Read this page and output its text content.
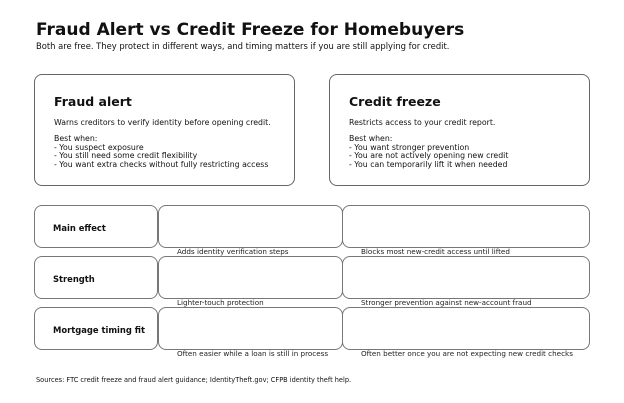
Fraud Alert vs Credit Freeze for Homebuyers
Both are free. They protect in different ways, and timing matters if you are still applying for credit.
Fraud alert
Warns creditors to verify identity before opening credit.
Best when:
- You suspect exposure
- You still need some credit flexibility
- You want extra checks without fully restricting access
Credit freeze
Restricts access to your credit report.
Best when:
- You want stronger prevention
- You are not actively opening new credit
- You can temporarily lift it when needed
Main effect
Adds identity verification steps	Blocks most new-credit access until lifted
Strength
Lighter-touch protection	Stronger prevention against new-account fraud
Mortgage timing fit
Often easier while a loan is still in process	Often better once you are not expecting new credit checks
Sources: FTC credit freeze and fraud alert guidance; IdentityTheft.gov; CFPB identity theft help.
